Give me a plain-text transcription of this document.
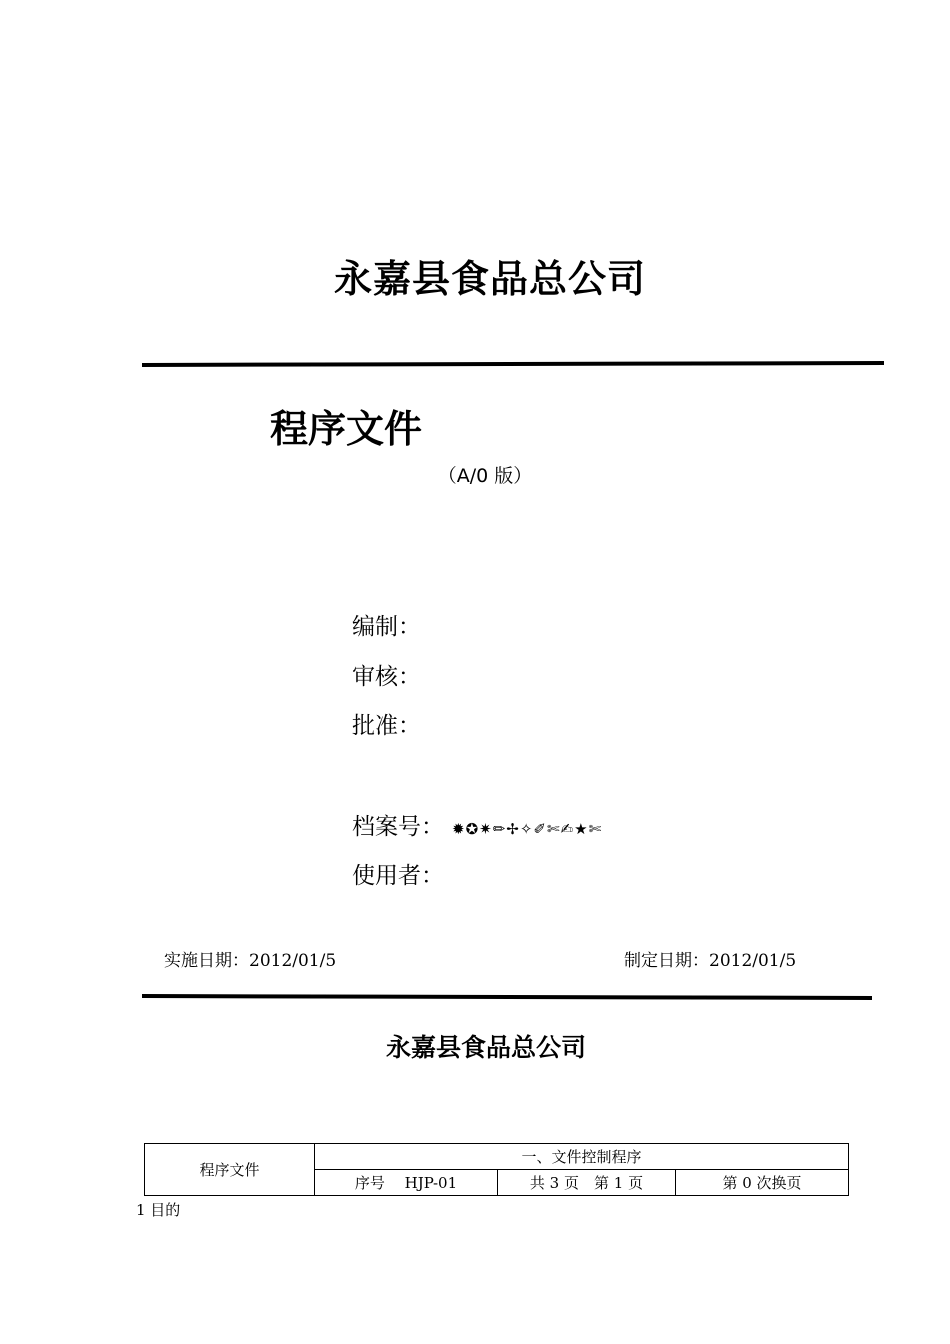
永嘉县食品总公司
程序文件
（A/0 版）
编制：
审核：
批准：
档案号： ✹✪✷✏✢✧✐✄✍★✄
使用者：
实施日期：2012/01/5	制定日期：2012/01/5
永嘉县食品总公司
程序文件	一、文件控制程序		
	序号　 HJP-01	共 3 页　第 1 页	第 0 次换页
1 目的
